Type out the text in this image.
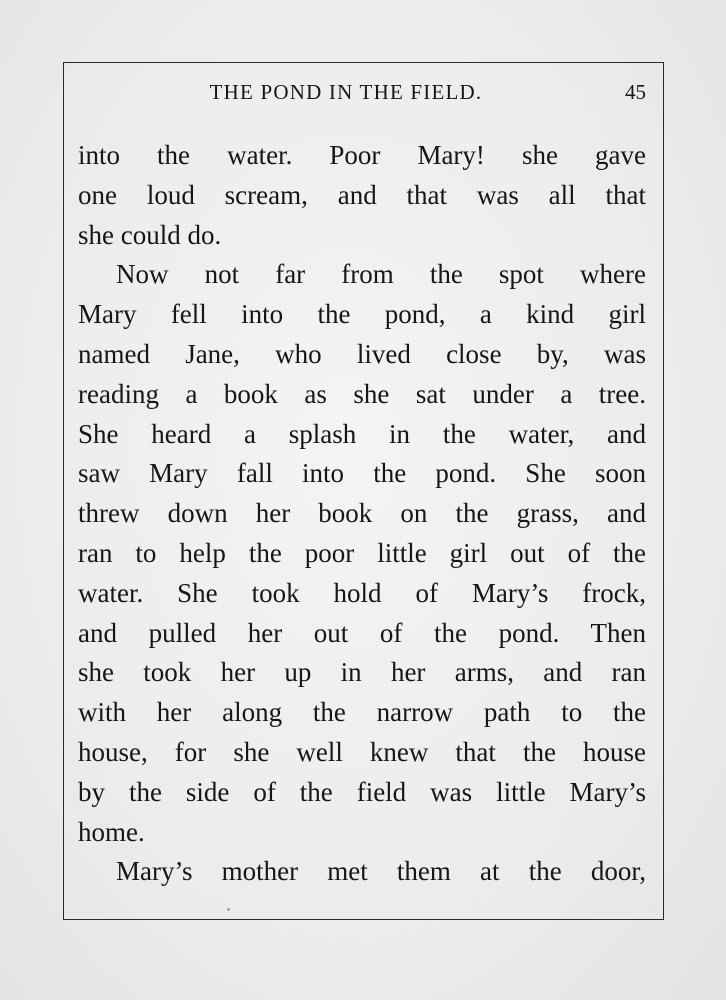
THE POND IN THE FIELD.	45
into the water. Poor Mary! she gave
one loud scream, and that was all that
she could do.
Now not far from the spot where
Mary fell into the pond, a kind girl
named Jane, who lived close by, was
reading a book as she sat under a tree.
She heard a splash in the water, and
saw Mary fall into the pond. She soon
threw down her book on the grass, and
ran to help the poor little girl out of the
water. She took hold of Mary’s frock,
and pulled her out of the pond. Then
she took her up in her arms, and ran
with her along the narrow path to the
house, for she well knew that the house
by the side of the field was little Mary’s
home.
Mary’s mother met them at the door,
